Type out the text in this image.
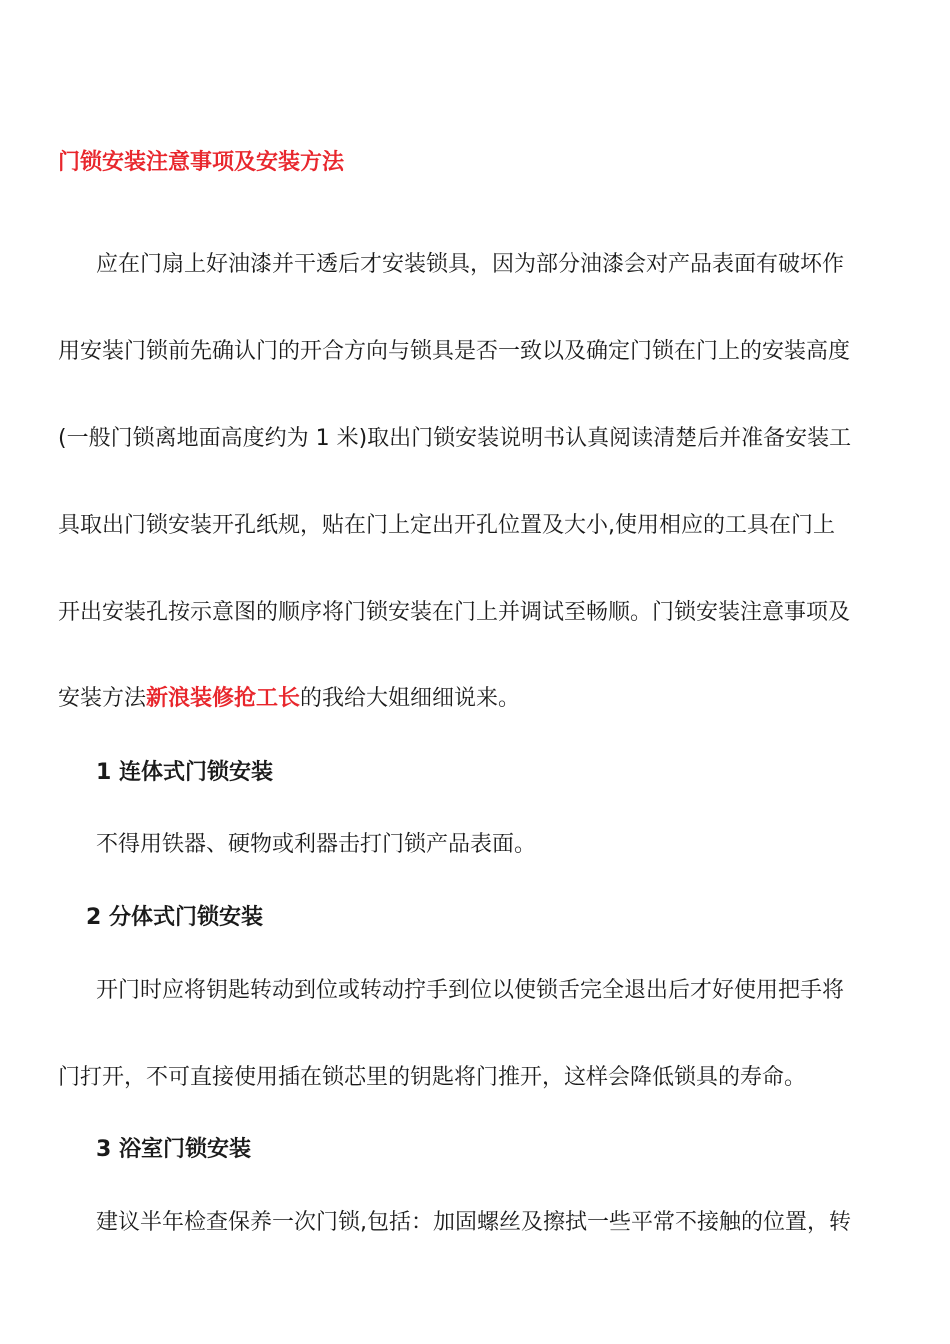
门锁安装注意事项及安装方法
应在门扇上好油漆并干透后才安装锁具，因为部分油漆会对产品表面有破坏作
用安装门锁前先确认门的开合方向与锁具是否一致以及确定门锁在门上的安装高度
(一般门锁离地面高度约为 1 米)取出门锁安装说明书认真阅读清楚后并准备安装工
具取出门锁安装开孔纸规，贴在门上定出开孔位置及大小,使用相应的工具在门上
开出安装孔按示意图的顺序将门锁安装在门上并调试至畅顺。门锁安装注意事项及
安装方法新浪装修抢工长的我给大姐细细说来。
1 连体式门锁安装
不得用铁器、硬物或利器击打门锁产品表面。
2 分体式门锁安装
开门时应将钥匙转动到位或转动拧手到位以使锁舌完全退出后才好使用把手将
门打开，不可直接使用插在锁芯里的钥匙将门推开，这样会降低锁具的寿命。
3 浴室门锁安装
建议半年检查保养一次门锁,包括：加固螺丝及擦拭一些平常不接触的位置，转
